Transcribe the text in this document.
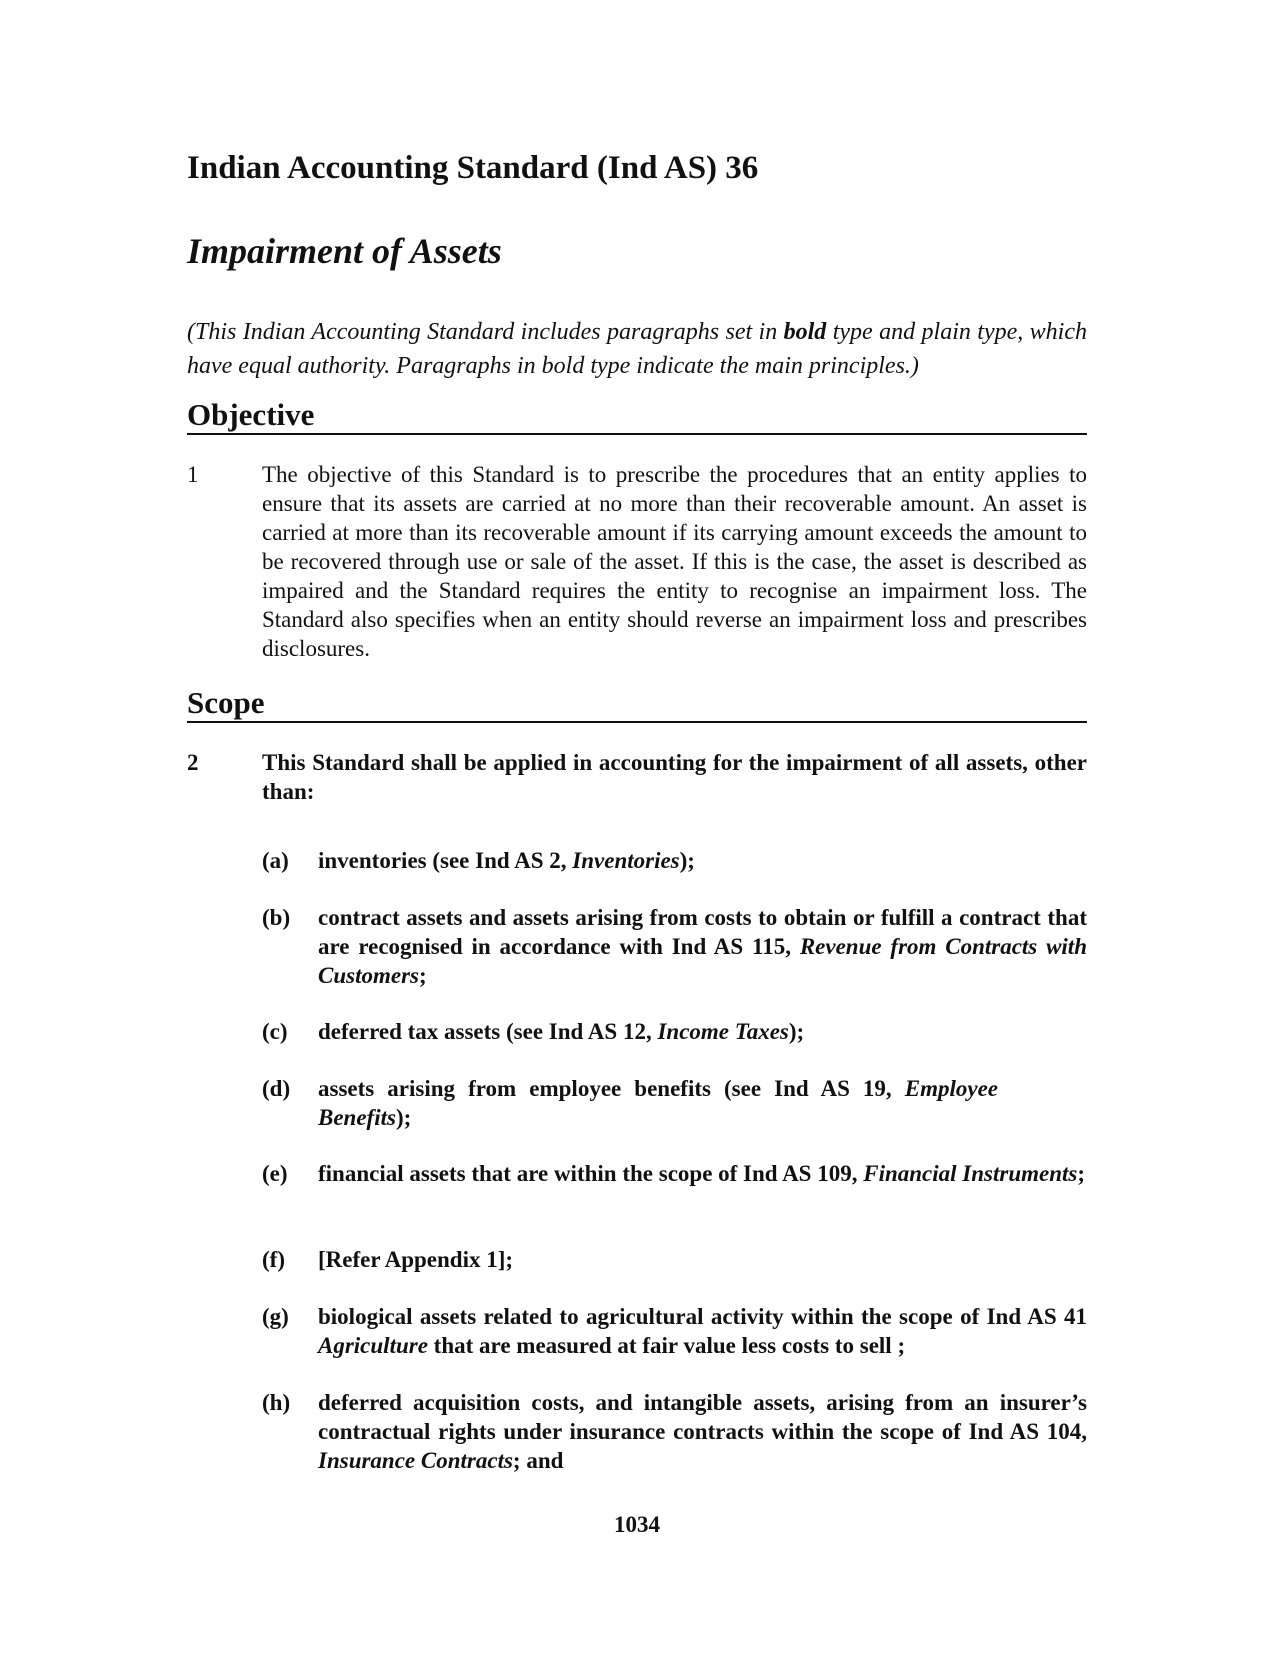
Indian Accounting Standard (Ind AS) 36
Impairment of Assets

(This Indian Accounting Standard includes paragraphs set in bold type and plain type, which have equal authority. Paragraphs in bold type indicate the main principles.)

Objective
1	The objective of this Standard is to prescribe the procedures that an entity applies to ensure that its assets are carried at no more than their recoverable amount. An asset is carried at more than its recoverable amount if its carrying amount exceeds the amount to be recovered through use or sale of the asset. If this is the case, the asset is described as impaired and the Standard requires the entity to recognise an impairment loss. The Standard also specifies when an entity should reverse an impairment loss and prescribes disclosures.
Scope
2	This Standard shall be applied in accounting for the impairment of all assets, other than:
(a) inventories (see Ind AS 2, Inventories);
(b) contract assets and assets arising from costs to obtain or fulfill a contract that are recognised in accordance with Ind AS 115, Revenue from Contracts with Customers;
(c) deferred tax assets (see Ind AS 12, Income Taxes);
(d) assets arising from employee benefits (see Ind AS 19, Employee Benefits);
(e) financial assets that are within the scope of Ind AS 109, Financial Instruments;
(f) [Refer Appendix 1];
(g) biological assets related to agricultural activity within the scope of Ind AS 41 Agriculture that are measured at fair value less costs to sell ;
(h) deferred acquisition costs, and intangible assets, arising from an insurer’s contractual rights under insurance contracts within the scope of Ind AS 104, Insurance Contracts; and
1034
